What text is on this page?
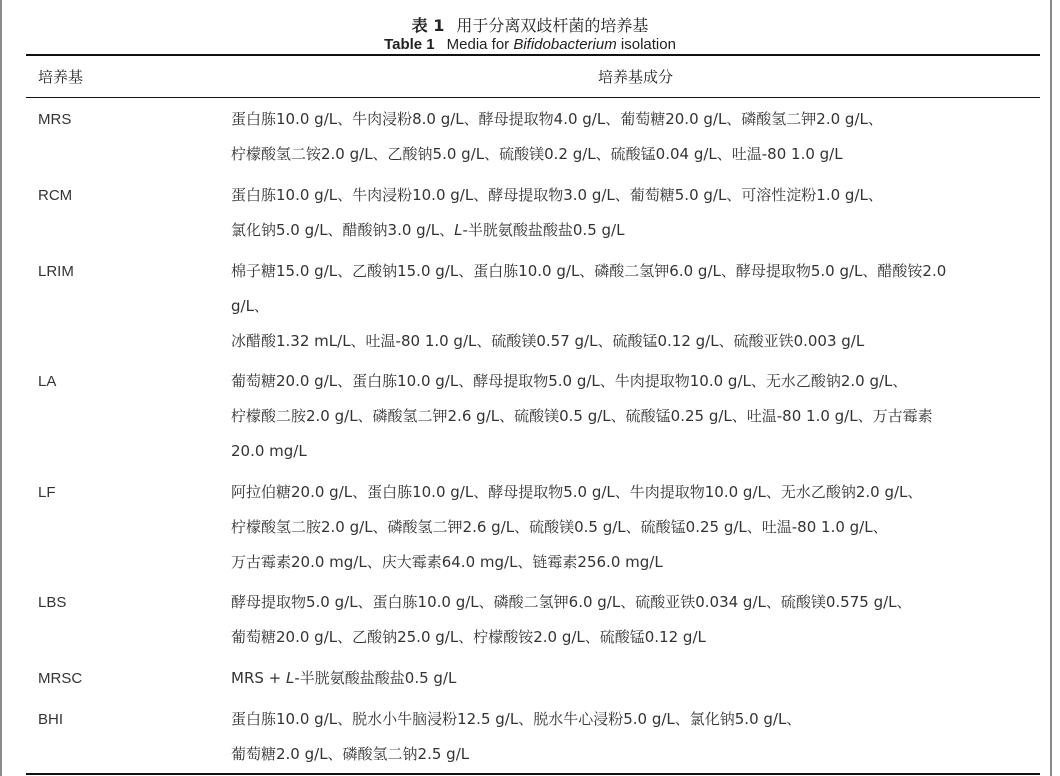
表 1 用于分离双歧杆菌的培养基
Table 1 Media for Bifidobacterium isolation
培养基	培养基成分
MRS	蛋白胨10.0 g/L、牛肉浸粉8.0 g/L、酵母提取物4.0 g/L、葡萄糖20.0 g/L、磷酸氢二钾2.0 g/L、
柠檬酸氢二铵2.0 g/L、乙酸钠5.0 g/L、硫酸镁0.2 g/L、硫酸锰0.04 g/L、吐温-80 1.0 g/L
RCM	蛋白胨10.0 g/L、牛肉浸粉10.0 g/L、酵母提取物3.0 g/L、葡萄糖5.0 g/L、可溶性淀粉1.0 g/L、
氯化钠5.0 g/L、醋酸钠3.0 g/L、L-半胱氨酸盐酸盐0.5 g/L
LRIM	棉子糖15.0 g/L、乙酸钠15.0 g/L、蛋白胨10.0 g/L、磷酸二氢钾6.0 g/L、酵母提取物5.0 g/L、醋酸铵2.0
g/L、
冰醋酸1.32 mL/L、吐温-80 1.0 g/L、硫酸镁0.57 g/L、硫酸锰0.12 g/L、硫酸亚铁0.003 g/L
LA	葡萄糖20.0 g/L、蛋白胨10.0 g/L、酵母提取物5.0 g/L、牛肉提取物10.0 g/L、无水乙酸钠2.0 g/L、
柠檬酸二胺2.0 g/L、磷酸氢二钾2.6 g/L、硫酸镁0.5 g/L、硫酸锰0.25 g/L、吐温-80 1.0 g/L、万古霉素
20.0 mg/L
LF	阿拉伯糖20.0 g/L、蛋白胨10.0 g/L、酵母提取物5.0 g/L、牛肉提取物10.0 g/L、无水乙酸钠2.0 g/L、
柠檬酸氢二胺2.0 g/L、磷酸氢二钾2.6 g/L、硫酸镁0.5 g/L、硫酸锰0.25 g/L、吐温-80 1.0 g/L、
万古霉素20.0 mg/L、庆大霉素64.0 mg/L、链霉素256.0 mg/L
LBS	酵母提取物5.0 g/L、蛋白胨10.0 g/L、磷酸二氢钾6.0 g/L、硫酸亚铁0.034 g/L、硫酸镁0.575 g/L、
葡萄糖20.0 g/L、乙酸钠25.0 g/L、柠檬酸铵2.0 g/L、硫酸锰0.12 g/L
MRSC	MRS + L-半胱氨酸盐酸盐0.5 g/L
BHI	蛋白胨10.0 g/L、脱水小牛脑浸粉12.5 g/L、脱水牛心浸粉5.0 g/L、氯化钠5.0 g/L、
葡萄糖2.0 g/L、磷酸氢二钠2.5 g/L
